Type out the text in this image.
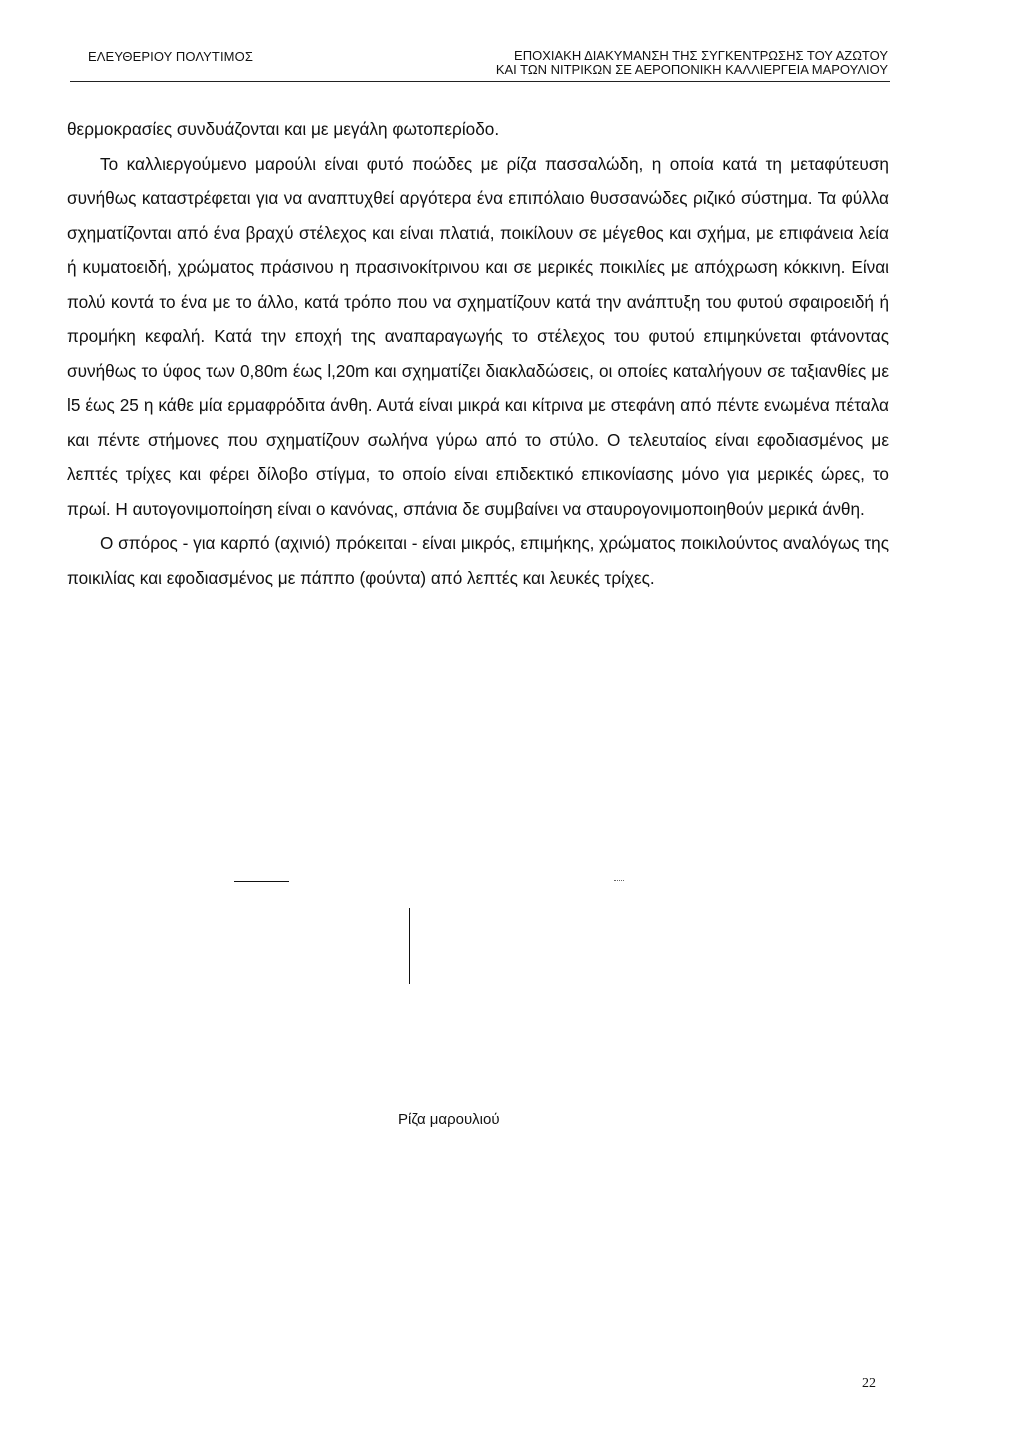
ΕΛΕΥΘΕΡΙΟΥ ΠΟΛΥΤΙΜΟΣ	ΕΠΟΧΙΑΚΗ ΔΙΑΚΥΜΑΝΣΗ ΤΗΣ ΣΥΓΚΕΝΤΡΩΣΗΣ ΤΟΥ ΑΖΩΤΟΥ
ΚΑΙ ΤΩΝ ΝΙΤΡΙΚΩΝ ΣΕ ΑΕΡΟΠΟΝΙΚΗ ΚΑΛΛΙΕΡΓΕΙΑ ΜΑΡΟΥΛΙΟΥ

θερμοκρασίες συνδυάζονται και με μεγάλη φωτοπερίοδο.

Το καλλιεργούμενο μαρούλι είναι φυτό ποώδες με ρίζα πασσαλώδη, η οποία κατά τη μεταφύτευση συνήθως καταστρέφεται για να αναπτυχθεί αργότερα ένα επιπόλαιο θυσσανώδες ριζικό σύστημα. Τα φύλλα σχηματίζονται από ένα βραχύ στέλεχος και είναι πλατιά, ποικίλουν σε μέγεθος και σχήμα, με επιφάνεια λεία ή κυματοειδή, χρώματος πράσινου η πρασινοκίτρινου και σε μερικές ποικιλίες με απόχρωση κόκκινη. Είναι πολύ κοντά το ένα με το άλλο, κατά τρόπο που να σχηματίζουν κατά την ανάπτυξη του φυτού σφαιροειδή ή προμήκη κεφαλή. Κατά την εποχή της αναπαραγωγής το στέλεχος του φυτού επιμηκύνεται φτάνοντας συνήθως το ύφος των 0,80m έως l,20m και σχηματίζει διακλαδώσεις, οι οποίες καταλήγουν σε ταξιανθίες με l5 έως 25 η κάθε μία ερμαφρόδιτα άνθη. Αυτά είναι μικρά και κίτρινα με στεφάνη από πέντε ενωμένα πέταλα και πέντε στήμονες που σχηματίζουν σωλήνα γύρω από το στύλο. Ο τελευταίος είναι εφοδιασμένος με λεπτές τρίχες και φέρει δίλοβο στίγμα, το οποίο είναι επιδεκτικό επικονίασης μόνο για μερικές ώρες, το πρωί. Η αυτογονιμοποίηση είναι ο κανόνας, σπάνια δε συμβαίνει να σταυρογονιμοποιηθούν μερικά άνθη.

Ο σπόρος - για καρπό (αχινιό) πρόκειται - είναι μικρός, επιμήκης, χρώματος ποικιλούντος αναλόγως της ποικιλίας και εφοδιασμένος με πάππο (φούντα) από λεπτές και λευκές τρίχες.

Ρίζα μαρουλιού
22
